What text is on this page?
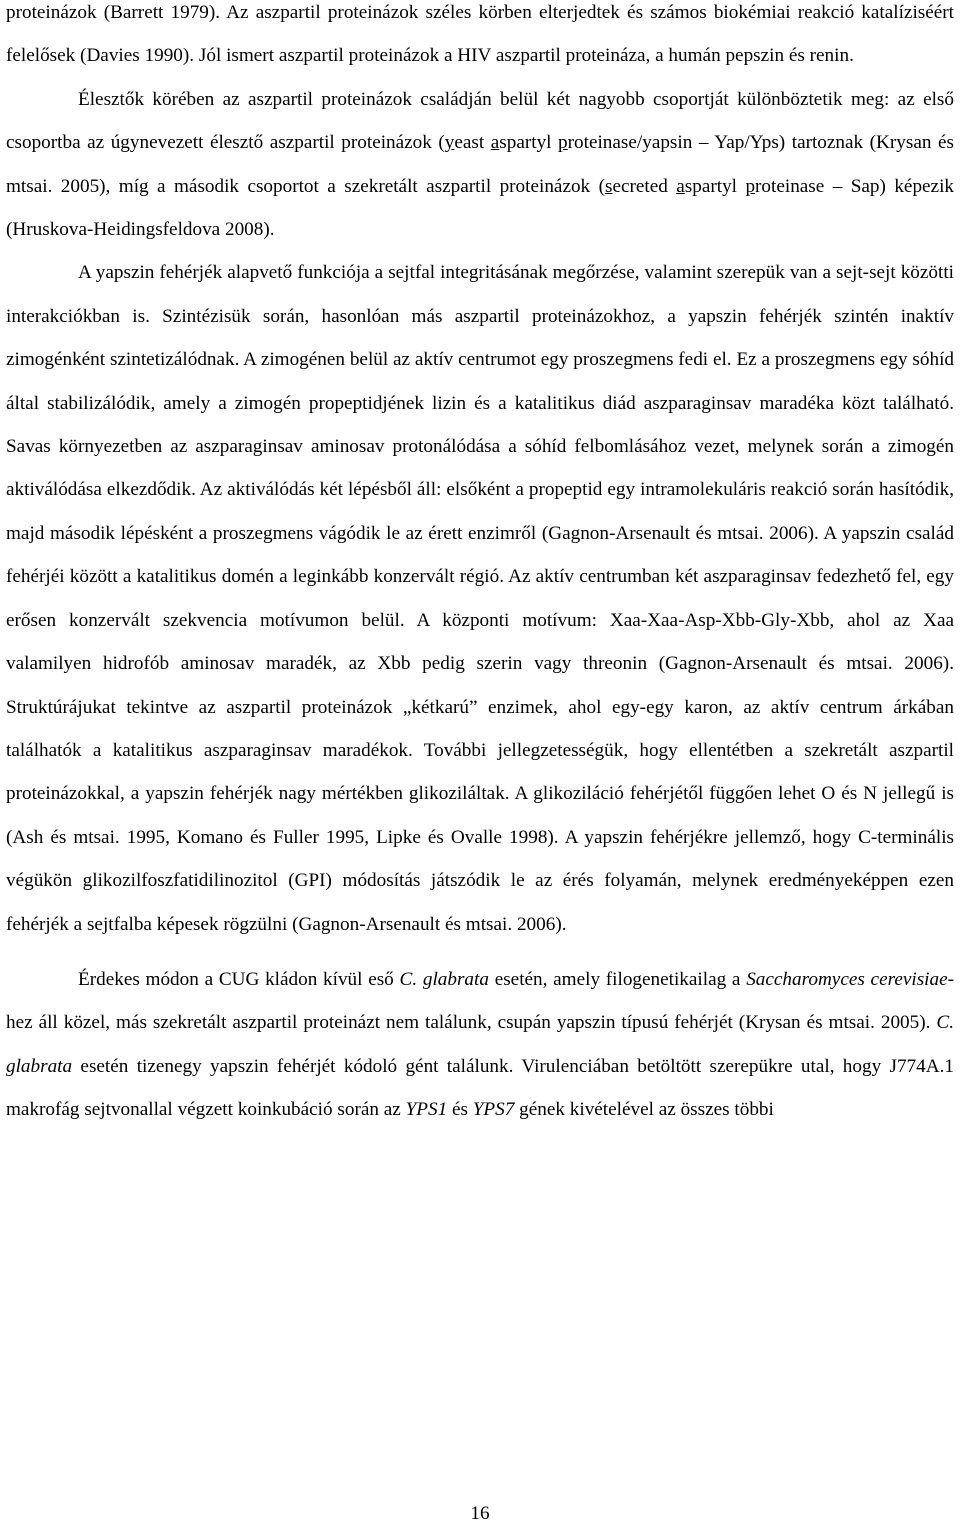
proteinázok (Barrett 1979). Az aszpartil proteinázok széles körben elterjedtek és számos biokémiai reakció katalíziséért felelősek (Davies 1990). Jól ismert aszpartil proteinázok a HIV aszpartil proteináza, a humán pepszin és renin.

Élesztők körében az aszpartil proteinázok családján belül két nagyobb csoportját különböztetik meg: az első csoportba az úgynevezett élesztő aszpartil proteinázok (yeast aspartyl proteinase/yapsin – Yap/Yps) tartoznak (Krysan és mtsai. 2005), míg a második csoportot a szekretált aszpartil proteinázok (secreted aspartyl proteinase – Sap) képezik (Hruskova-Heidingsfeldova 2008).

A yapszin fehérjék alapvető funkciója a sejtfal integritásának megőrzése, valamint szerepük van a sejt-sejt közötti interakciókban is. Szintézisük során, hasonlóan más aszpartil proteinázokhoz, a yapszin fehérjék szintén inaktív zimogénként szintetizálódnak. A zimogénen belül az aktív centrumot egy proszegmens fedi el. Ez a proszegmens egy sóhíd által stabilizálódik, amely a zimogén propeptidjének lizin és a katalitikus diád aszparaginsav maradéka közt található. Savas környezetben az aszparaginsav aminosav protonálódása a sóhíd felbomlásához vezet, melynek során a zimogén aktiválódása elkezdődik. Az aktiválódás két lépésből áll: elsőként a propeptid egy intramolekuláris reakció során hasítódik, majd második lépésként a proszegmens vágódik le az érett enzimről (Gagnon-Arsenault és mtsai. 2006). A yapszin család fehérjéi között a katalitikus domén a leginkább konzervált régió. Az aktív centrumban két aszparaginsav fedezhető fel, egy erősen konzervált szekvencia motívumon belül. A központi motívum: Xaa-Xaa-Asp-Xbb-Gly-Xbb, ahol az Xaa valamilyen hidrofób aminosav maradék, az Xbb pedig szerin vagy threonin (Gagnon-Arsenault és mtsai. 2006). Struktúrájukat tekintve az aszpartil proteinázok „kétkarú” enzimek, ahol egy-egy karon, az aktív centrum árkában találhatók a katalitikus aszparaginsav maradékok. További jellegzetességük, hogy ellentétben a szekretált aszpartil proteinázokkal, a yapszin fehérjék nagy mértékben glikoziláltak. A glikoziláció fehérjétől függően lehet O és N jellegű is (Ash és mtsai. 1995, Komano és Fuller 1995, Lipke és Ovalle 1998). A yapszin fehérjékre jellemző, hogy C-terminális végükön glikozilfoszfatidilinozitol (GPI) módosítás játszódik le az érés folyamán, melynek eredményeképpen ezen fehérjék a sejtfalba képesek rögzülni (Gagnon-Arsenault és mtsai. 2006).

Érdekes módon a CUG kládon kívül eső C. glabrata esetén, amely filogenetikailag a Saccharomyces cerevisiae-hez áll közel, más szekretált aszpartil proteinázt nem találunk, csupán yapszin típusú fehérjét (Krysan és mtsai. 2005). C. glabrata esetén tizenegy yapszin fehérjét kódoló gént találunk. Virulenciában betöltött szerepükre utal, hogy J774A.1 makrofág sejtvonallal végzett koinkubáció során az YPS1 és YPS7 gének kivételével az összes többi

16
